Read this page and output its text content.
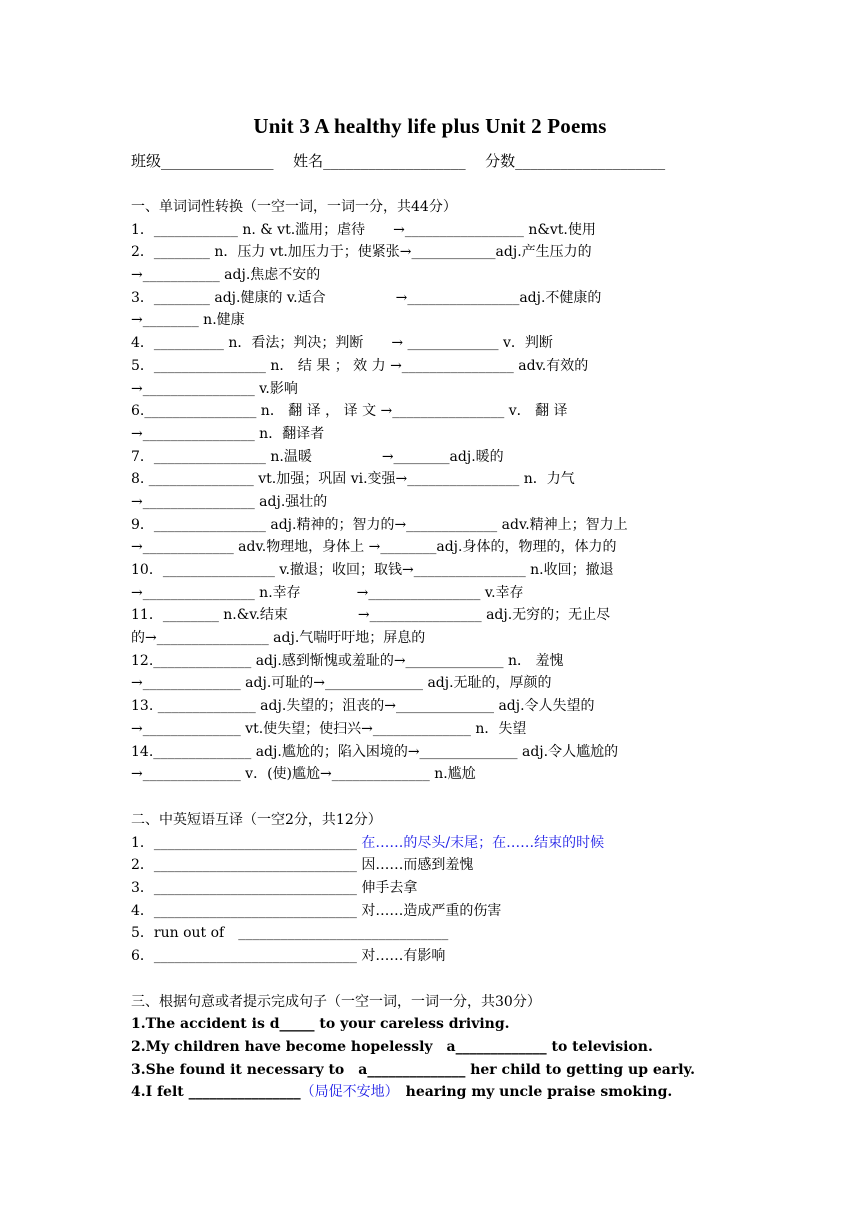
Unit 3 A healthy life plus Unit 2 Poems
班级_______________ 姓名___________________ 分数____________________
一、单词词性转换（一空一词，一词一分，共44分）
1．____________ n. & vt.滥用；虐待　　→_________________ n&vt.使用
2．________ n．压力 vt.加压力于；使紧张→____________adj.产生压力的
→___________ adj.焦虑不安的
3．________ adj.健康的 v.适合　　　　　→________________adj.不健康的
→________ n.健康
4．__________ n．看法；判决；判断　　→ _____________ v．判断
5．________________ n． 结 果 ； 效 力 →________________ adv.有效的
→________________ v.影响
6.________________ n． 翻 译 ， 译 文 →________________ v． 翻 译
→________________ n．翻译者
7．________________ n.温暖　　　　　→________adj.暖的
8. _______________ vt.加强；巩固 vi.变强→________________ n．力气
→________________ adj.强壮的
9．________________ adj.精神的；智力的→_____________ adv.精神上；智力上
→_____________ adv.物理地，身体上 →________adj.身体的，物理的，体力的
10．________________ v.撤退；收回；取钱→________________ n.收回；撤退
→________________ n.幸存　　　　→________________ v.幸存
11．________ n.&v.结束　　　　　→________________ adj.无穷的；无止尽
的→________________ adj.气喘吁吁地；屏息的
12.______________ adj.感到惭愧或羞耻的→______________ n． 羞愧
→______________ adj.可耻的→______________ adj.无耻的，厚颜的
13. ______________ adj.失望的；沮丧的→______________ adj.令人失望的
→______________ vt.使失望；使扫兴→______________ n．失望
14.______________ adj.尴尬的；陷入困境的→______________ adj.令人尴尬的
→______________ v．(使)尴尬→______________ n.尴尬
二、中英短语互译（一空2分，共12分）
1．_____________________________ 在……的尽头/末尾；在……结束的时候
2．_____________________________ 因……而感到羞愧
3．_____________________________ 伸手去拿
4．_____________________________ 对……造成严重的伤害
5．run out of　______________________________
6．_____________________________ 对……有影响
三、根据句意或者提示完成句子（一空一词，一词一分，共30分）
1.The accident is d_____ to your careless driving.
2.My children have become hopelessly　a_____________ to television.
3.She found it necessary to　a______________ her child to getting up early.
4.I felt ________________（局促不安地）　hearing my uncle praise smoking.
